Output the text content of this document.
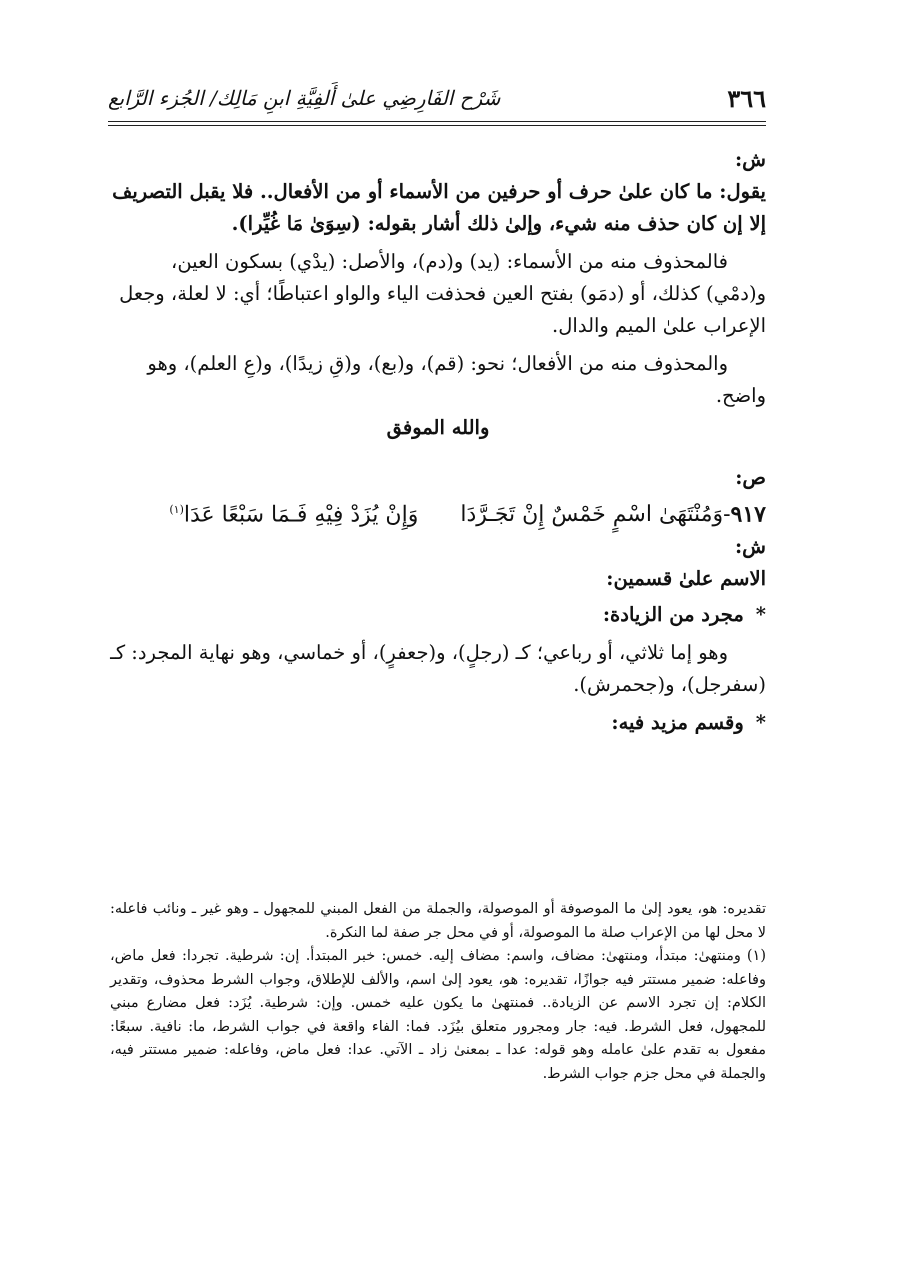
٣٦٦
شَرْح الفَارِضِي علىٰ أَلفِيَّةِ ابنِ مَالِك/ الجُزء الرَّابع

ش:

يقول: ما كان علىٰ حرف أو حرفين من الأسماء أو من الأفعال.. فلا يقبل التصريف إلا إن كان حذف منه شيء، وإلىٰ ذلك أشار بقوله: (سِوَىٰ مَا غُيِّرا).

فالمحذوف منه من الأسماء: (يد) و(دم)، والأصل: (يدْي) بسكون العين، و(دمْي) كذلك، أو (دمَو) بفتح العين فحذفت الياء والواو اعتباطًا؛ أي: لا لعلة، وجعل الإعراب علىٰ الميم والدال.

والمحذوف منه من الأفعال؛ نحو: (قم)، و(بع)، و(قِ زيدًا)، و(عِ العلم)، وهو واضح.

والله الموفق

ص:

٩١٧-وَمُنْتَهَىٰ اسْمٍ خَمْسٌ إِنْ تَجَـرَّدَاوَإِنْ يُزَدْ فِيْهِ فَـمَا سَبْعًا عَدَا$^{(١)}$

ش:

الاسم علىٰ قسمين:

*مجرد من الزيادة:

وهو إما ثلاثي، أو رباعي؛ كـ (رجلٍ)، و(جعفرٍ)، أو خماسي، وهو نهاية المجرد: كـ (سفرجل)، و(جحمرش).

*وقسم مزيد فيه:

تقديره: هو، يعود إلىٰ ما الموصوفة أو الموصولة، والجملة من الفعل المبني للمجهول ـ وهو غير ـ ونائب فاعله: لا محل لها من الإعراب صلة ما الموصولة، أو في محل جر صفة لما النكرة.

(١)ومنتهىٰ: مبتدأ، ومنتهىٰ: مضاف، واسم: مضاف إليه. خمس: خبر المبتدأ. إن: شرطية. تجردا: فعل ماض، وفاعله: ضمير مستتر فيه جوازًا، تقديره: هو، يعود إلىٰ اسم، والألف للإطلاق، وجواب الشرط محذوف، وتقدير الكلام: إن تجرد الاسم عن الزيادة.. فمنتهىٰ ما يكون عليه خمس. وإن: شرطية. يُزَد: فعل مضارع مبني للمجهول، فعل الشرط. فيه: جار ومجرور متعلق بيُزَد. فما: الفاء واقعة في جواب الشرط، ما: نافية. سبعًا: مفعول به تقدم علىٰ عامله وهو قوله: عدا ـ بمعنىٰ زاد ـ الآتي. عدا: فعل ماض، وفاعله: ضمير مستتر فيه، والجملة في محل جزم جواب الشرط.
